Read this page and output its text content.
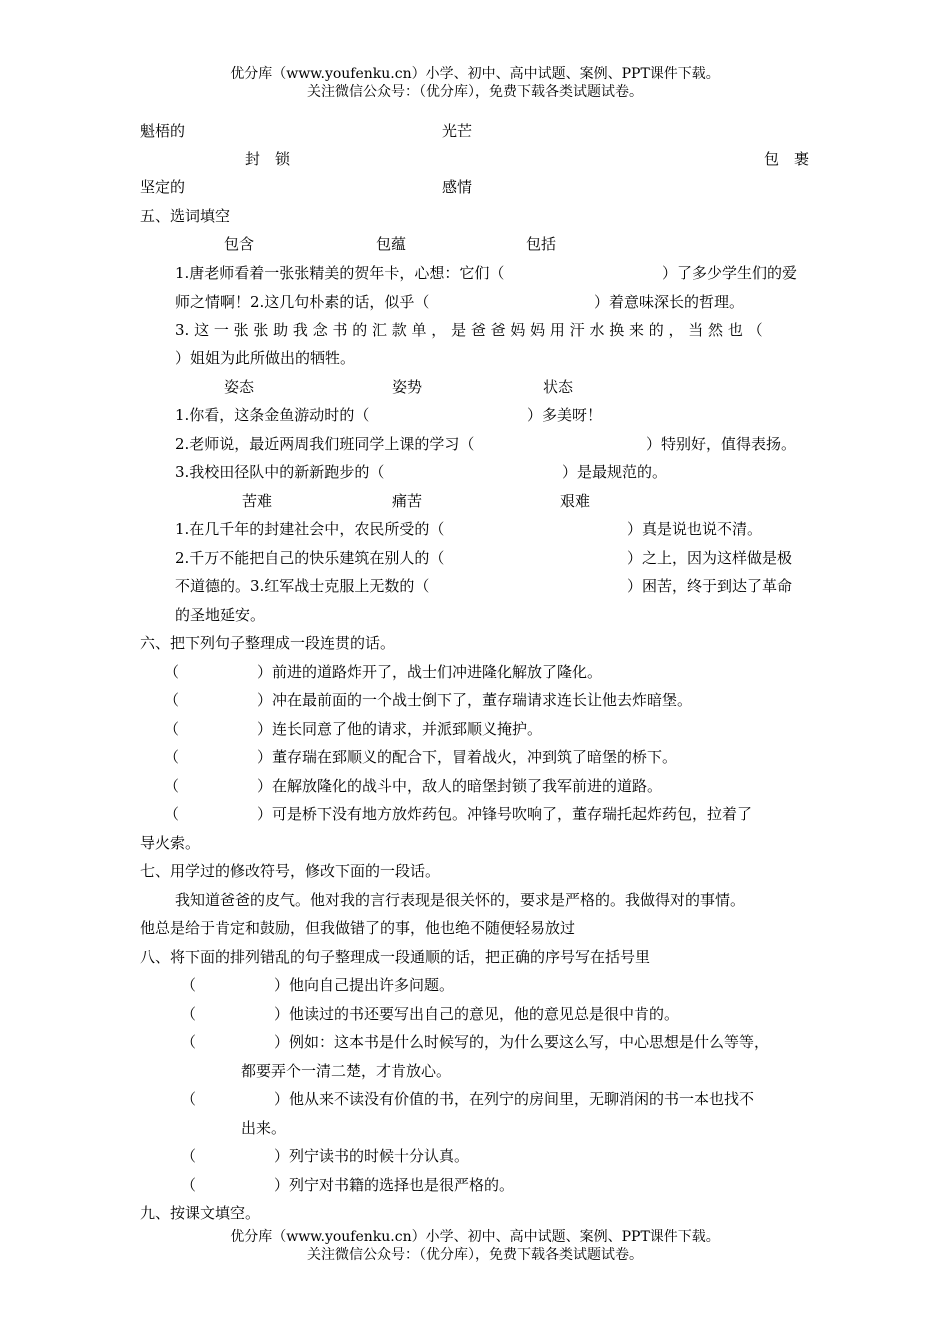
优分库（www.youfenku.cn）小学、初中、高中试题、案例、PPT课件下载。
关注微信公众号：（优分库），免费下载各类试题试卷。
魁梧的	光芒
封　锁	包　裹
坚定的	感情
五、选词填空
包含	包蕴	包括
1.唐老师看着一张张精美的贺年卡，心想：它们（	）了多少学生们的爱
师之情啊！2.这几句朴素的话，似乎（	）着意味深长的哲理。
3. 这 一 张 张 助 我 念 书 的 汇 款 单 ， 是 爸 爸 妈 妈 用 汗 水 换 来 的 ， 当 然 也 （
）姐姐为此所做出的牺牲。
姿态	姿势	状态
1.你看，这条金鱼游动时的（	）多美呀！
2.老师说，最近两周我们班同学上课的学习（	）特别好，值得表扬。
3.我校田径队中的新新跑步的（	）是最规范的。
苦难	痛苦	艰难
1.在几千年的封建社会中，农民所受的（	）真是说也说不清。
2.千万不能把自己的快乐建筑在别人的（	）之上，因为这样做是极
不道德的。3.红军战士克服上无数的（	）困苦，终于到达了革命
的圣地延安。
六、把下列句子整理成一段连贯的话。
（	）前进的道路炸开了，战士们冲进隆化解放了隆化。
（	）冲在最前面的一个战士倒下了，董存瑞请求连长让他去炸暗堡。
（	）连长同意了他的请求，并派郅顺义掩护。
（	）董存瑞在郅顺义的配合下，冒着战火，冲到筑了暗堡的桥下。
（	）在解放隆化的战斗中，敌人的暗堡封锁了我军前进的道路。
（	）可是桥下没有地方放炸药包。冲锋号吹响了，董存瑞托起炸药包，拉着了
导火索。
七、用学过的修改符号，修改下面的一段话。
我知道爸爸的皮气。他对我的言行表现是很关怀的，要求是严格的。我做得对的事情。
他总是给于肯定和鼓励，但我做错了的事，他也绝不随便轻易放过
八、将下面的排列错乱的句子整理成一段通顺的话，把正确的序号写在括号里
（	）他向自己提出许多问题。
（	）他读过的书还要写出自己的意见，他的意见总是很中肯的。
（	）例如：这本书是什么时候写的，为什么要这么写，中心思想是什么等等，
都要弄个一清二楚，才肯放心。
（	）他从来不读没有价值的书，在列宁的房间里，无聊消闲的书一本也找不
出来。
（	）列宁读书的时候十分认真。
（	）列宁对书籍的选择也是很严格的。
九、按课文填空。
优分库（www.youfenku.cn）小学、初中、高中试题、案例、PPT课件下载。
关注微信公众号：（优分库），免费下载各类试题试卷。
